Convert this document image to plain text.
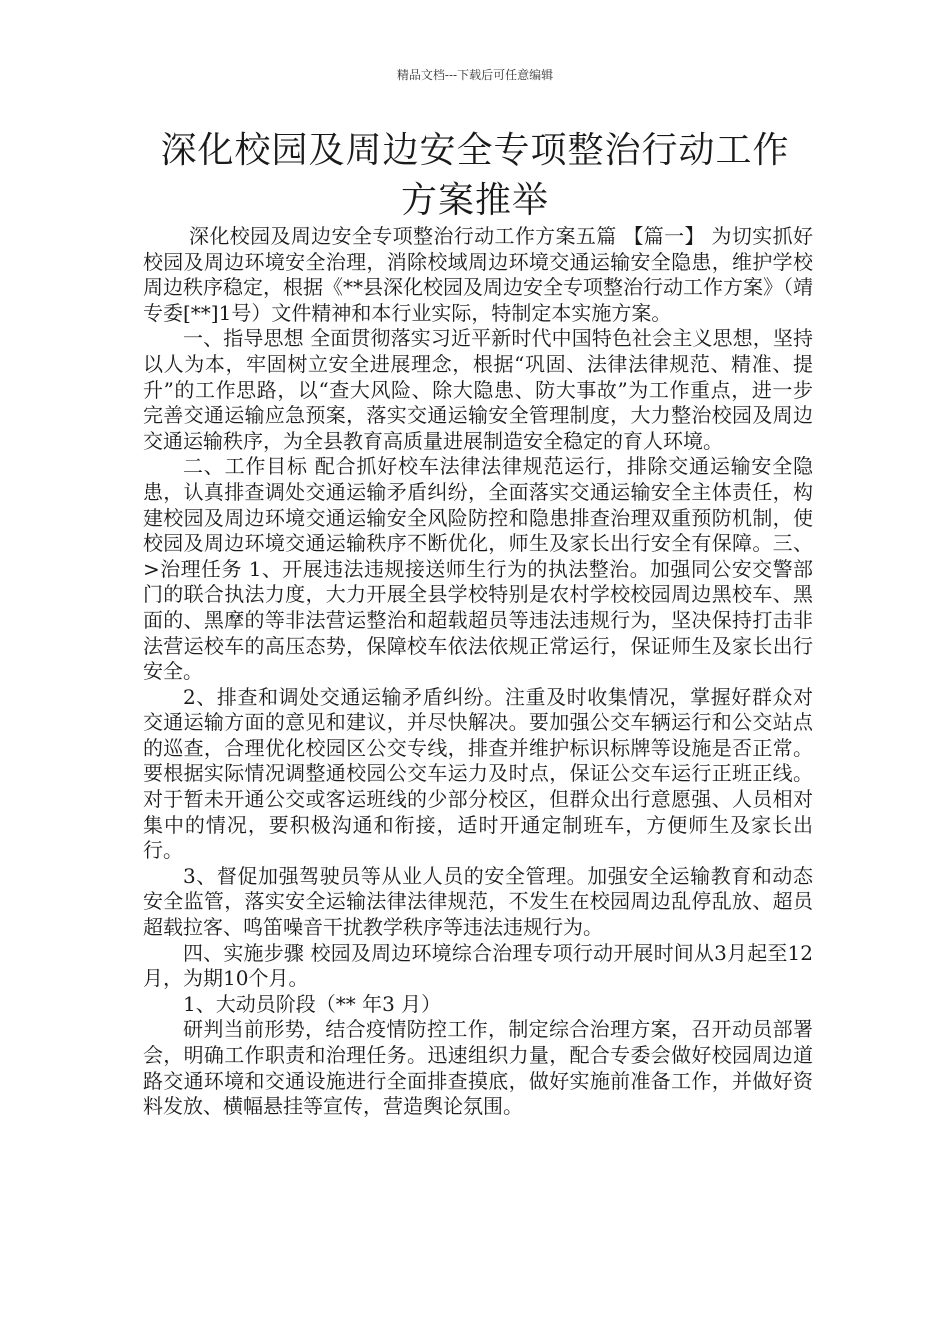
精品文档---下载后可任意编辑
深化校园及周边安全专项整治行动工作方案推举

深化校园及周边安全专项整治行动工作方案五篇 【篇一】 为切实抓好校园及周边环境安全治理，消除校域周边环境交通运输安全隐患，维护学校周边秩序稳定，根据《**县深化校园及周边安全专项整治行动工作方案》（靖专委[**]1号）文件精神和本行业实际，特制定本实施方案。

一、指导思想 全面贯彻落实习近平新时代中国特色社会主义思想，坚持以人为本，牢固树立安全进展理念，根据“巩固、法律法律规范、精准、提升”的工作思路，以“查大风险、除大隐患、防大事故”为工作重点，进一步完善交通运输应急预案，落实交通运输安全管理制度，大力整治校园及周边交通运输秩序，为全县教育高质量进展制造安全稳定的育人环境。

二、工作目标 配合抓好校车法律法律规范运行，排除交通运输安全隐患，认真排查调处交通运输矛盾纠纷，全面落实交通运输安全主体责任，构建校园及周边环境交通运输安全风险防控和隐患排查治理双重预防机制，使校园及周边环境交通运输秩序不断优化，师生及家长出行安全有保障。三、>治理任务 1、开展违法违规接送师生行为的执法整治。加强同公安交警部门的联合执法力度，大力开展全县学校特别是农村学校校园周边黑校车、黑面的、黑摩的等非法营运整治和超载超员等违法违规行为，坚决保持打击非法营运校车的高压态势，保障校车依法依规正常运行，保证师生及家长出行安全。

2、排查和调处交通运输矛盾纠纷。注重及时收集情况，掌握好群众对交通运输方面的意见和建议，并尽快解决。要加强公交车辆运行和公交站点的巡查，合理优化校园区公交专线，排查并维护标识标牌等设施是否正常。要根据实际情况调整通校园公交车运力及时点，保证公交车运行正班正线。对于暂未开通公交或客运班线的少部分校区，但群众出行意愿强、人员相对集中的情况，要积极沟通和衔接，适时开通定制班车，方便师生及家长出行。

3、督促加强驾驶员等从业人员的安全管理。加强安全运输教育和动态安全监管，落实安全运输法律法律规范，不发生在校园周边乱停乱放、超员超载拉客、鸣笛噪音干扰教学秩序等违法违规行为。

四、实施步骤 校园及周边环境综合治理专项行动开展时间从3月起至12月，为期10个月。

1、大动员阶段（** 年3 月）

研判当前形势，结合疫情防控工作，制定综合治理方案，召开动员部署会，明确工作职责和治理任务。迅速组织力量，配合专委会做好校园周边道路交通环境和交通设施进行全面排查摸底，做好实施前准备工作，并做好资料发放、横幅悬挂等宣传，营造舆论氛围。
